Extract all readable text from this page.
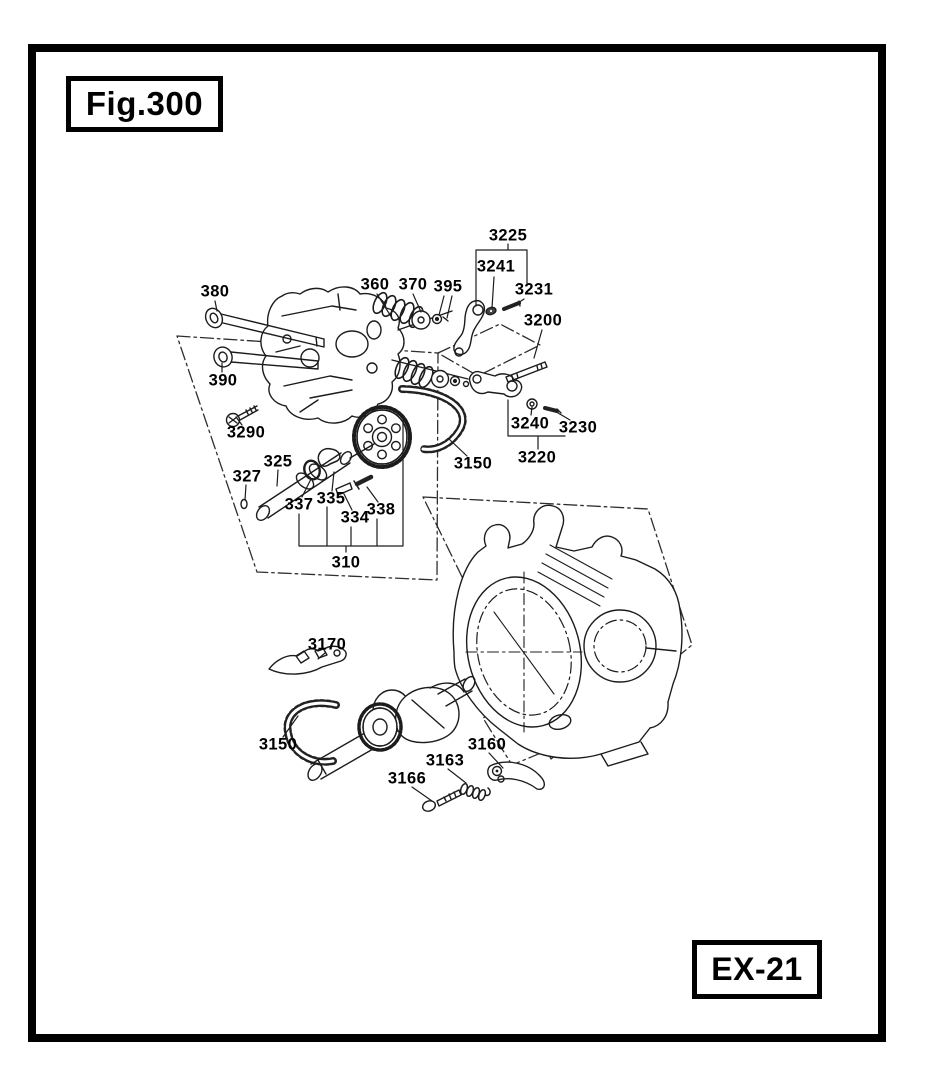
380
390
3290
360 370 395
3225
3241
3231
3200
3240 3230
3220
3150
325
327
337 335
334
338
310
3170
3150	3160
3163
3166
Fig.300
EX-21
